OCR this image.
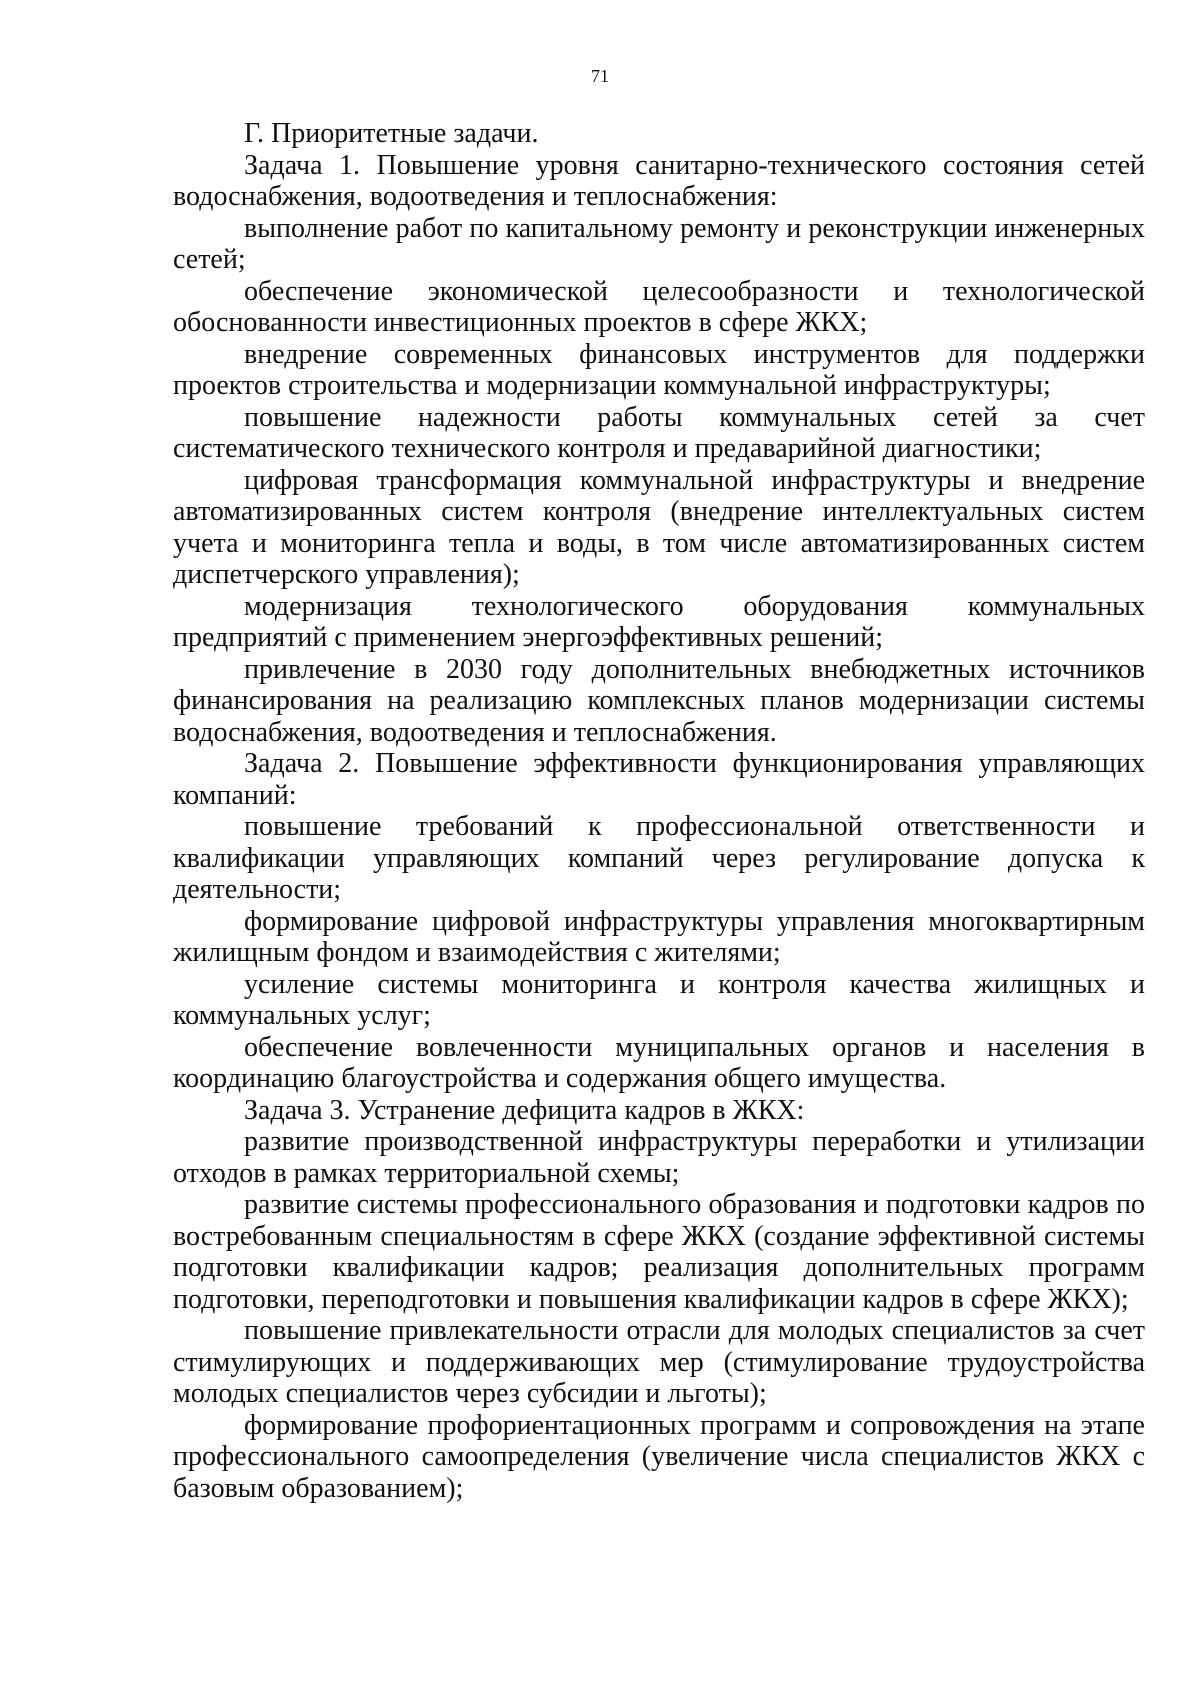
71

Г. Приоритетные задачи.

Задача 1. Повышение уровня санитарно-технического состояния сетей водоснабжения, водоотведения и теплоснабжения:

выполнение работ по капитальному ремонту и реконструкции инженерных сетей;

обеспечение экономической целесообразности и технологической обоснованности инвестиционных проектов в сфере ЖКХ;

внедрение современных финансовых инструментов для поддержки проектов строительства и модернизации коммунальной инфраструктуры;

повышение надежности работы коммунальных сетей за счет систематического технического контроля и предаварийной диагностики;

цифровая трансформация коммунальной инфраструктуры и внедрение автоматизированных систем контроля (внедрение интеллектуальных систем учета и мониторинга тепла и воды, в том числе автоматизированных систем диспетчерского управления);

модернизация технологического оборудования коммунальных предприятий с применением энергоэффективных решений;

привлечение в 2030 году дополнительных внебюджетных источников финансирования на реализацию комплексных планов модернизации системы водоснабжения, водоотведения и теплоснабжения.

Задача 2. Повышение эффективности функционирования управляющих компаний:

повышение требований к профессиональной ответственности и квалификации управляющих компаний через регулирование допуска к деятельности;

формирование цифровой инфраструктуры управления многоквартирным жилищным фондом и взаимодействия с жителями;

усиление системы мониторинга и контроля качества жилищных и коммунальных услуг;

обеспечение вовлеченности муниципальных органов и населения в координацию благоустройства и содержания общего имущества.

Задача 3. Устранение дефицита кадров в ЖКХ:

развитие производственной инфраструктуры переработки и утилизации отходов в рамках территориальной схемы;

развитие системы профессионального образования и подготовки кадров по востребованным специальностям в сфере ЖКХ (создание эффективной системы подготовки квалификации кадров; реализация дополнительных программ подготовки, переподготовки и повышения квалификации кадров в сфере ЖКХ);

повышение привлекательности отрасли для молодых специалистов за счет стимулирующих и поддерживающих мер (стимулирование трудоустройства молодых специалистов через субсидии и льготы);

формирование профориентационных программ и сопровождения на этапе профессионального самоопределения (увеличение числа специалистов ЖКХ с базовым образованием);
